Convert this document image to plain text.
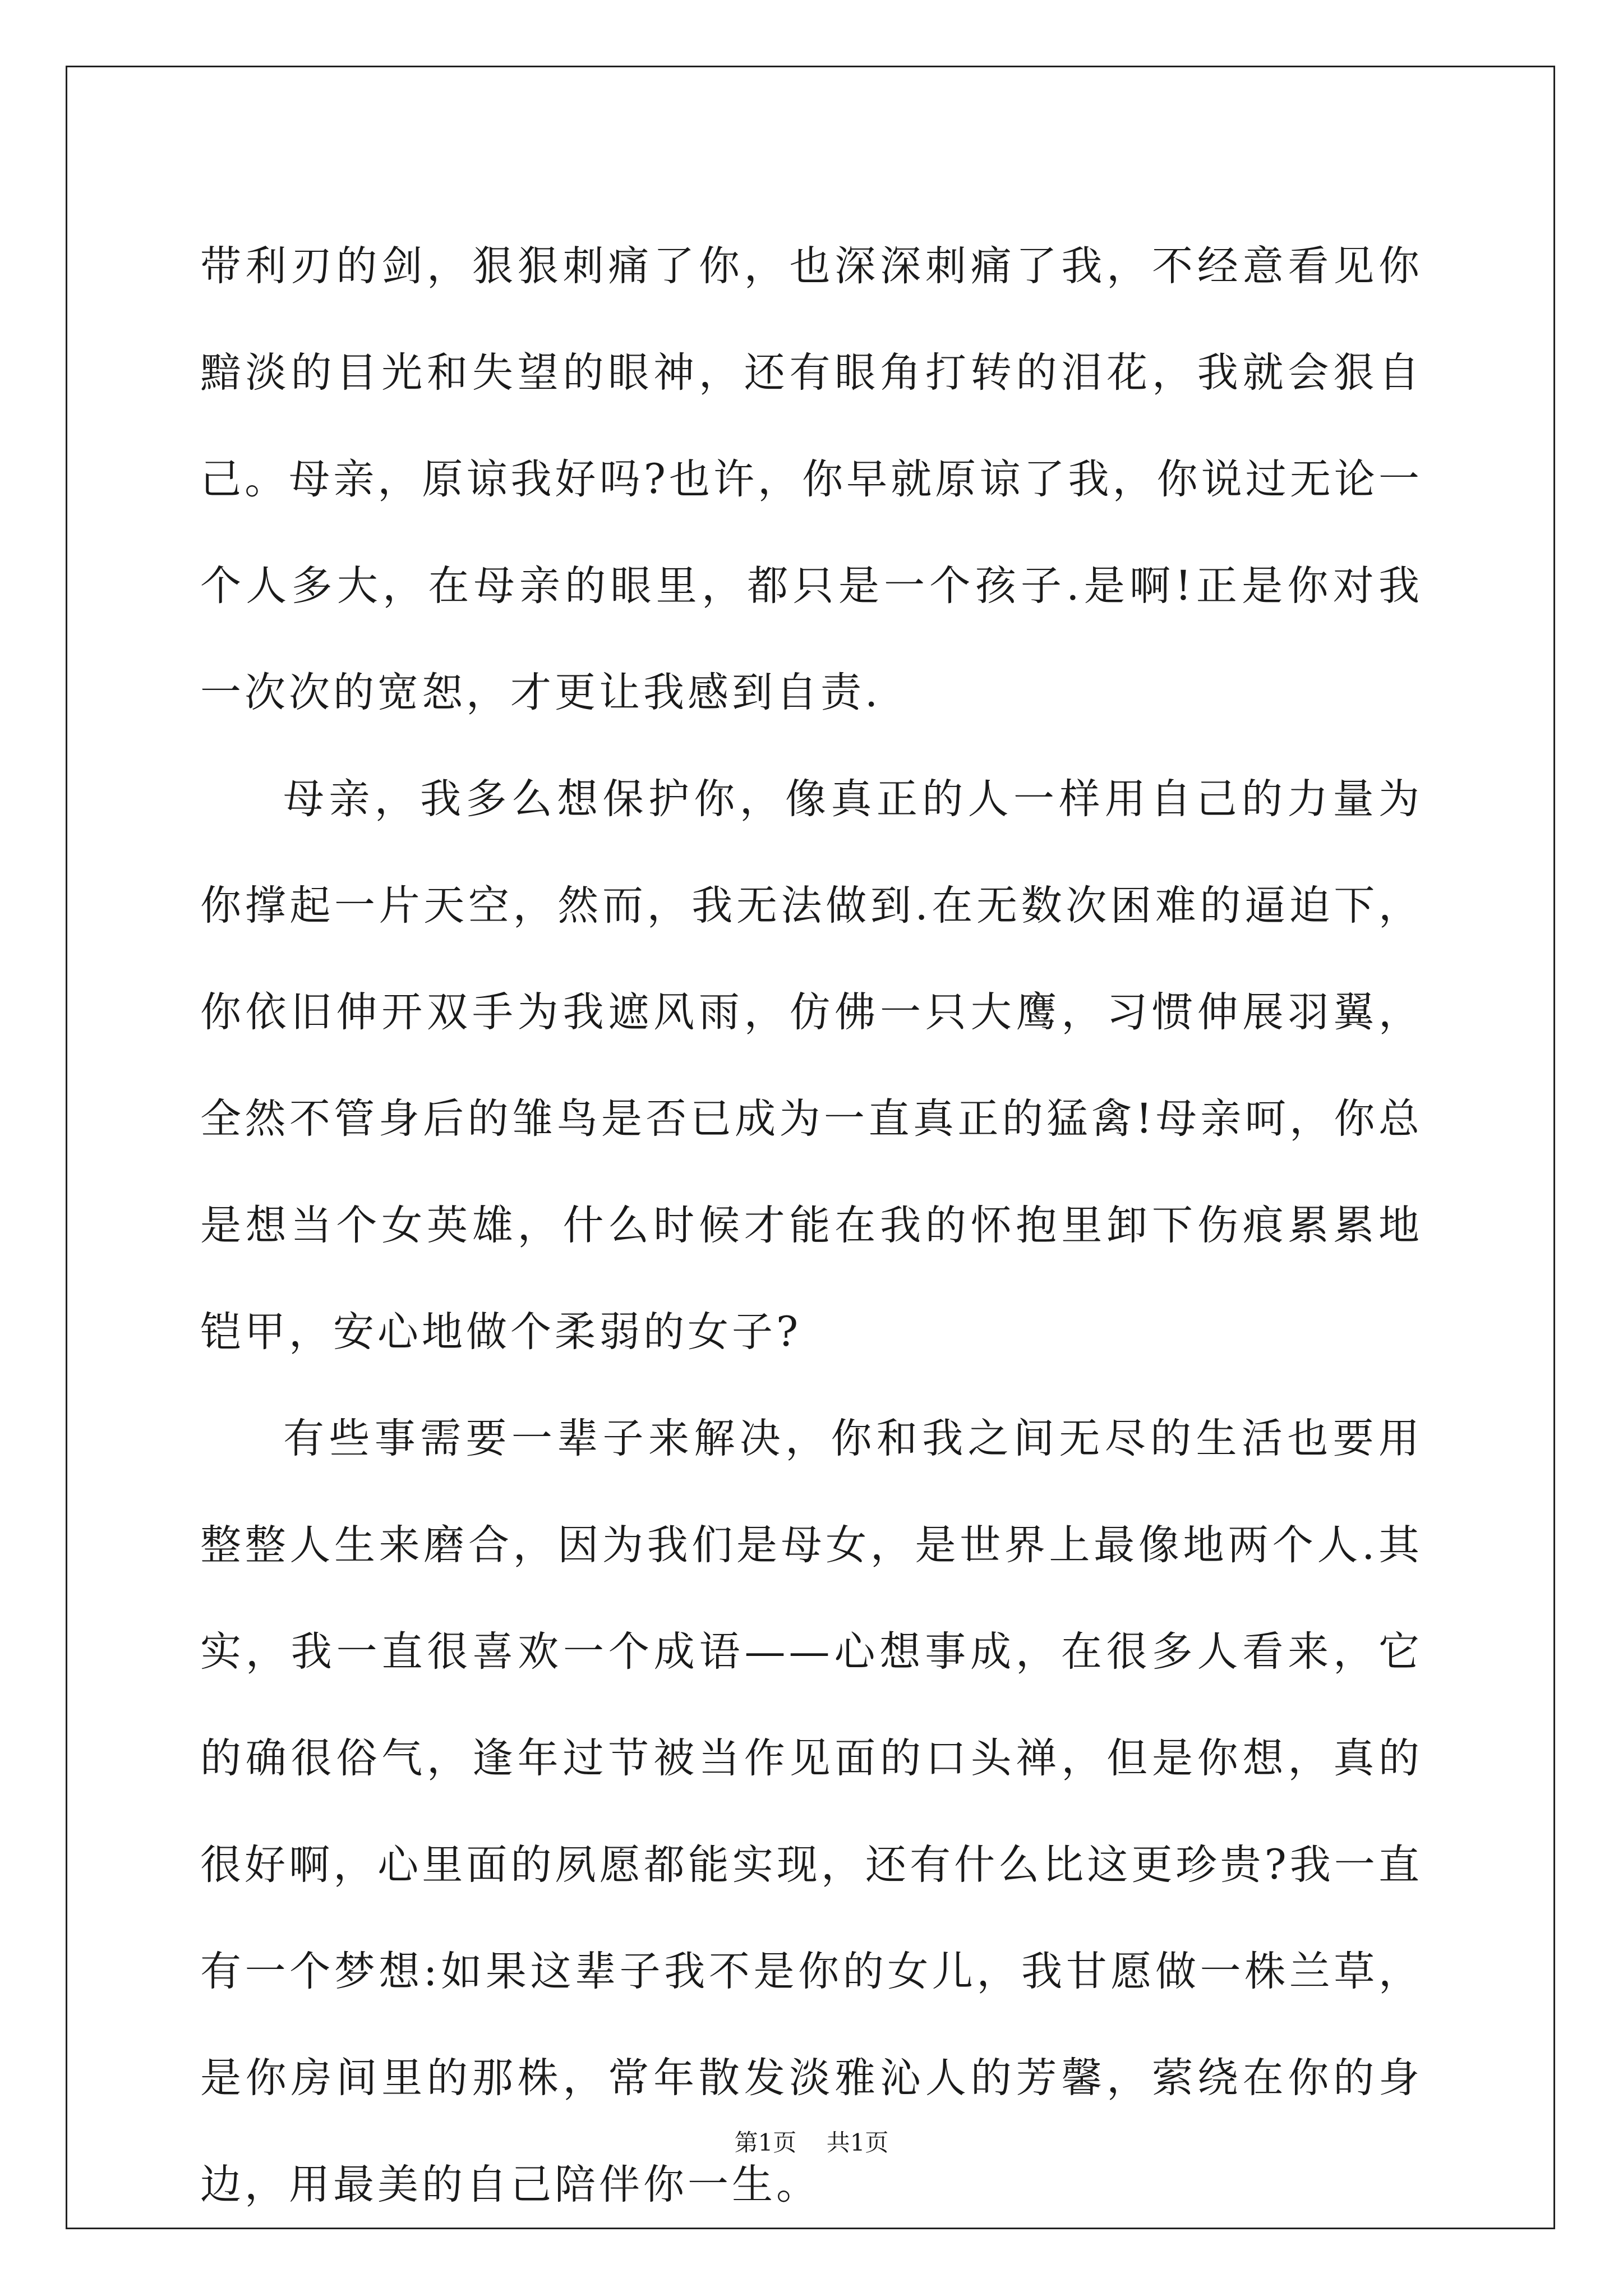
带利刃的剑，狠狠刺痛了你，也深深刺痛了我，不经意看见你黯淡的目光和失望的眼神，还有眼角打转的泪花，我就会狠自己。母亲，原谅我好吗?也许，你早就原谅了我，你说过无论一个人多大，在母亲的眼里，都只是一个孩子.是啊!正是你对我一次次的宽恕，才更让我感到自责.

母亲，我多么想保护你，像真正的人一样用自己的力量为你撑起一片天空，然而，我无法做到.在无数次困难的逼迫下，你依旧伸开双手为我遮风雨，仿佛一只大鹰，习惯伸展羽翼，全然不管身后的雏鸟是否已成为一直真正的猛禽!母亲呵，你总是想当个女英雄，什么时候才能在我的怀抱里卸下伤痕累累地铠甲，安心地做个柔弱的女子?

有些事需要一辈子来解决，你和我之间无尽的生活也要用整整人生来磨合，因为我们是母女，是世界上最像地两个人.其实，我一直很喜欢一个成语——心想事成，在很多人看来，它的确很俗气，逢年过节被当作见面的口头禅，但是你想，真的很好啊，心里面的夙愿都能实现，还有什么比这更珍贵?我一直有一个梦想:如果这辈子我不是你的女儿，我甘愿做一株兰草，是你房间里的那株，常年散发淡雅沁人的芳馨，萦绕在你的身边，用最美的自己陪伴你一生。

第1页 共1页
